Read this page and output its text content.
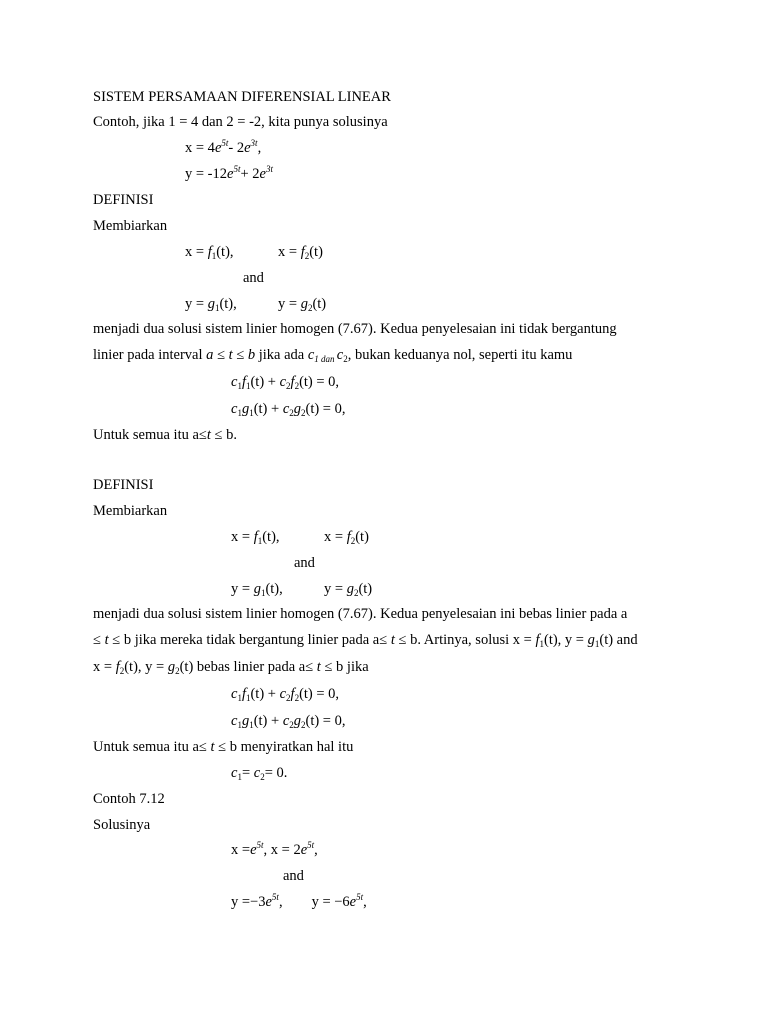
SISTEM PERSAMAAN DIFERENSIAL LINEAR
Contoh, jika 1 = 4 dan 2 = -2, kita punya solusinya
$x = 4e^{5t}-$ $2e^{3t}$,
$y = -12e^{5t}+ 2e^{3t}$
DEFINISI
Membiarkan
$x = f_1(t)$,	$x = f_2(t)$
and
$y = g_1(t)$,	$y = g_2(t)$
menjadi dua solusi sistem linier homogen (7.67). Kedua penyelesaian ini tidak bergantung
linier pada interval a ≤ t ≤ b jika ada $c_{1 dan}$ $c_2$, bukan keduanya nol, seperti itu kamu
$c_1f_1(t) + c_2f_2(t) = 0$,
$c_1g_1(t) + c_2g_2(t) = 0$,
Untuk semua itu a≤t ≤ b.
DEFINISI
Membiarkan
$x = f_1(t)$,	$x = f_2(t)$
and
$y = g_1(t)$,	$y = g_2(t)$
menjadi dua solusi sistem linier homogen (7.67). Kedua penyelesaian ini bebas linier pada a
≤ t ≤ b jika mereka tidak bergantung linier pada a≤ t ≤ b. Artinya, solusi $x = f_1(t)$, $y = g_1(t)$ and
$x = f_2(t)$, $y = g_2(t)$ bebas linier pada a≤ t ≤ b jika
$c_1f_1(t) + c_2f_2(t) = 0$,
$c_1g_1(t) + c_2g_2(t) = 0$,
Untuk semua itu a≤ t ≤ b menyiratkan hal itu
$c_1= c_2= 0$.
Contoh 7.12
Solusinya
$x =e^{5t}$, $x = 2e^{5t}$,
and
$y =-3e^{5t}$,        $y = -6e^{5t}$,
